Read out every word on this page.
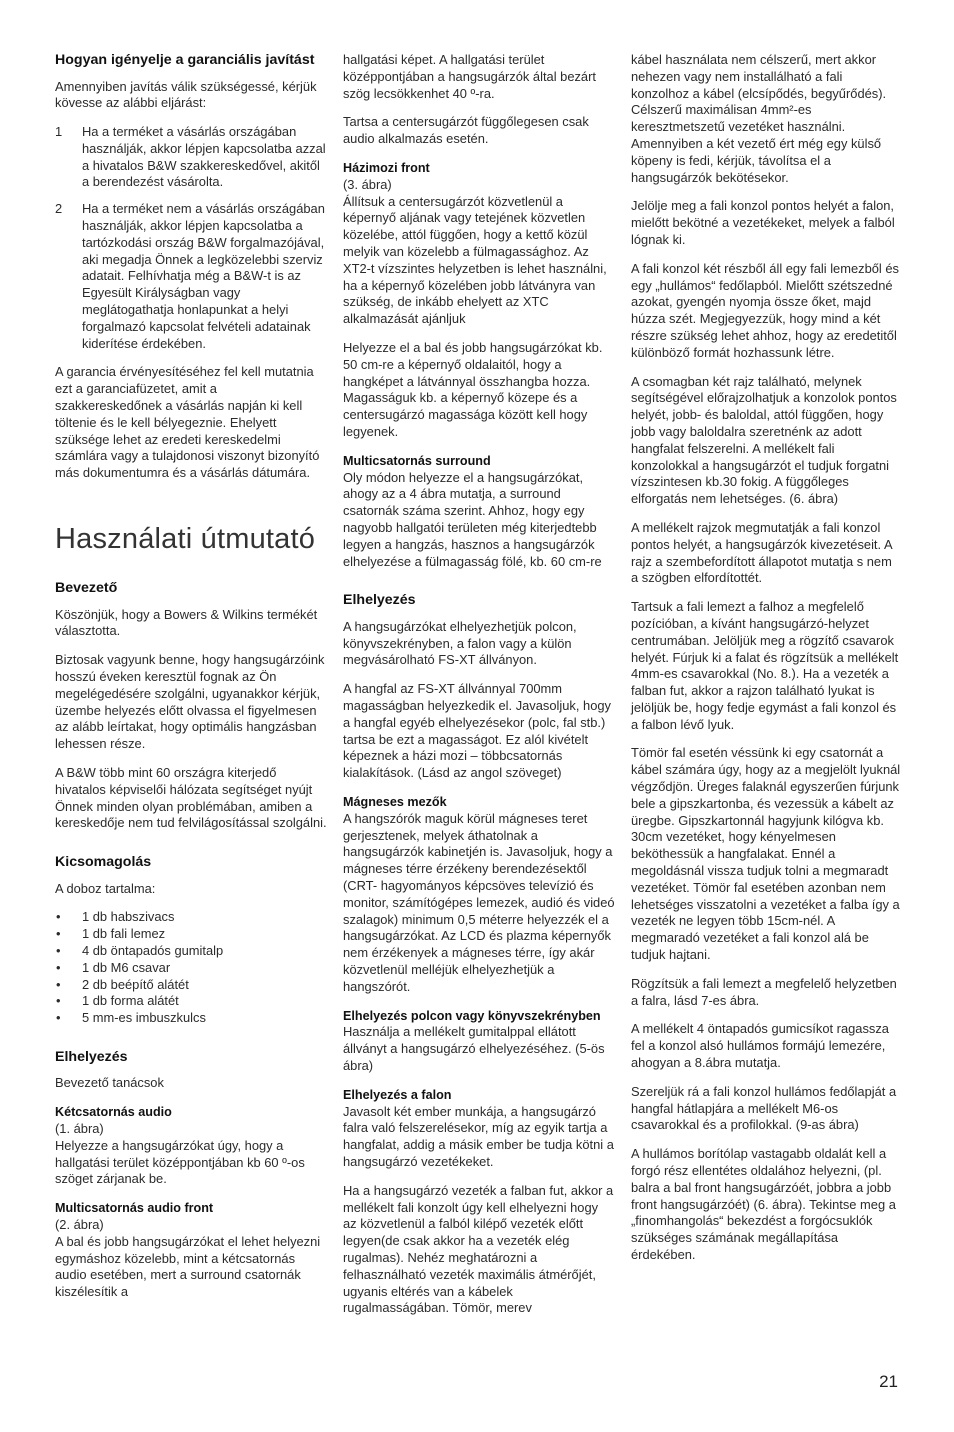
Hogyan igényelje a garanciális javítást

Amennyiben javítás válik szükségessé, kérjük kövesse az alábbi eljárást:

1 Ha a terméket a vásárlás országában használják, akkor lépjen kapcsolatba azzal a hivatalos B&W szakkereskedővel, akitől a berendezést vásárolta.
2 Ha a terméket nem a vásárlás országában használják, akkor lépjen kapcsolatba a tartózkodási ország B&W forgalmazójával, aki megadja Önnek a legközelebbi szerviz adatait. Felhívhatja még a B&W-t is az Egyesült Királyságban vagy meglátogathatja honlapunkat a helyi forgalmazó kapcsolat felvételi adatainak kiderítése érdekében.

A garancia érvényesítéséhez fel kell mutatnia ezt a garanciafüzetet, amit a szakkereskedőnek a vásárlás napján ki kell töltenie és le kell bélyegeznie. Ehelyett szüksége lehet az eredeti kereskedelmi számlára vagy a tulajdonosi viszonyt bizonyító más dokumentumra és a vásárlás dátumára.

Használati útmutató
Bevezető

Köszönjük, hogy a Bowers & Wilkins termékét választotta.

Biztosak vagyunk benne, hogy hangsugárzóink hosszú éveken keresztül fognak az Ön megelégedésére szolgálni, ugyanakkor kérjük, üzembe helyezés előtt olvassa el figyelmesen az alább leírtakat, hogy optimális hangzásban lehessen része.

A B&W több mint 60 országra kiterjedő hivatalos képviselői hálózata segítséget nyújt Önnek minden olyan problémában, amiben a kereskedője nem tud felvilágosítással szolgálni.

Kicsomagolás

A doboz tartalma:

• 1 db habszivacs
• 1 db fali lemez
• 4 db öntapadós gumitalp
• 1 db M6 csavar
• 2 db beépítő alátét
• 1 db forma alátét
• 5 mm-es imbuszkulcs
Elhelyezés

Bevezető tanácsok

Kétcsatornás audio

(1. ábra)

Helyezze a hangsugárzókat úgy, hogy a hallgatási terület középpontjában kb 60 º-os szöget zárjanak be.

Multicsatornás audio front

(2. ábra)

A bal és jobb hangsugárzókat el lehet helyezni egymáshoz közelebb, mint a kétcsatornás audio esetében, mert a surround csatornák kiszélesítik a

hallgatási képet. A hallgatási terület középpontjában a hangsugárzók által bezárt szög lecsökkenhet 40 º-ra.

Tartsa a centersugárzót függőlegesen csak audio alkalmazás esetén.

Házimozi front

(3. ábra)

Állítsuk a centersugárzót közvetlenül a képernyő aljának vagy tetejének közvetlen közelébe, attól függően, hogy a kettő közül melyik van közelebb a fülmagassághoz. Az XT2-t vízszintes helyzetben is lehet használni, ha a képernyő közelében jobb látványra van szükség, de inkább ehelyett az XTC alkalmazását ajánljuk

Helyezze el a bal és jobb hangsugárzókat kb. 50 cm-re a képernyő oldalaitól, hogy a hangképet a látvánnyal összhangba hozza. Magasságuk kb. a képernyő közepe és a centersugárzó magassága között kell hogy legyenek.

Multicsatornás surround

Oly módon helyezze el a hangsugárzókat, ahogy az a 4 ábra mutatja, a surround csatornák száma szerint. Ahhoz, hogy egy nagyobb hallgatói területen még kiterjedtebb legyen a hangzás, hasznos a hangsugárzók elhelyezése a fülmagasság fölé, kb. 60 cm-re

Elhelyezés

A hangsugárzókat elhelyezhetjük polcon, könyvszekrényben, a falon vagy a külön megvásárolható FS-XT állványon.

A hangfal az FS-XT állvánnyal 700mm magasságban helyezkedik el. Javasoljuk, hogy a hangfal egyéb elhelyezésekor (polc, fal stb.) tartsa be ezt a magasságot. Ez alól kivételt képeznek a házi mozi – többcsatornás kialakítások. (Lásd az angol szöveget)

Mágneses mezők

A hangszórók maguk körül mágneses teret gerjesztenek, melyek áthatolnak a hangsugárzók kabinetjén is. Javasoljuk, hogy a mágneses térre érzékeny berendezésektől (CRT- hagyományos képcsöves televízió és monitor, számítógépes lemezek, audió és videó szalagok) minimum 0,5 méterre helyezzék el a hangsugárzókat. Az LCD és plazma képernyők nem érzékenyek a mágneses térre, így akár közvetlenül melléjük elhelyezhetjük a hangszórót.

Elhelyezés polcon vagy könyvszekrényben

Használja a mellékelt gumitalppal ellátott állványt a hangsugárzó elhelyezéséhez. (5-ös ábra)

Elhelyezés a falon

Javasolt két ember munkája, a hangsugárzó falra való felszerelésekor, míg az egyik tartja a hangfalat, addig a másik ember be tudja kötni a hangsugárzó vezetékeket.

Ha a hangsugárzó vezeték a falban fut, akkor a mellékelt fali konzolt úgy kell elhelyezni hogy az közvetlenül a falból kilépő vezeték előtt legyen(de csak akkor ha a vezeték elég rugalmas). Nehéz meghatározni a felhasználható vezeték maximális átmérőjét, ugyanis eltérés van a kábelek rugalmasságában. Tömör, merev

kábel használata nem célszerű, mert akkor nehezen vagy nem installálható a fali konzolhoz a kábel (elcsípődés, begyűrődés). Célszerű maximálisan 4mm²-es keresztmetszetű vezetéket használni. Amennyiben a két vezető ért még egy külső köpeny is fedi, kérjük, távolítsa el a hangsugárzók bekötésekor.

Jelölje meg a fali konzol pontos helyét a falon, mielőtt bekötné a vezetékeket, melyek a falból lógnak ki.

A fali konzol két részből áll egy fali lemezből és egy „hullámos“ fedőlapból. Mielőtt szétszedné azokat, gyengén nyomja össze őket, majd húzza szét. Megjegyezzük, hogy mind a két részre szükség lehet ahhoz, hogy az eredetitől különböző formát hozhassunk létre.

A csomagban két rajz található, melynek segítségével előrajzolhatjuk a konzolok pontos helyét, jobb- és baloldal, attól függően, hogy jobb vagy baloldalra szeretnénk az adott hangfalat felszerelni. A mellékelt fali konzolokkal a hangsugárzót el tudjuk forgatni vízszintesen kb.30 fokig. A függőleges elforgatás nem lehetséges. (6. ábra)

A mellékelt rajzok megmutatják a fali konzol pontos helyét, a hangsugárzók kivezetéseit. A rajz a szembefordított állapotot mutatja s nem a szögben elfordítottét.

Tartsuk a fali lemezt a falhoz a megfelelő pozícióban, a kívánt hangsugárzó-helyzet centrumában. Jelöljük meg a rögzítő csavarok helyét. Fúrjuk ki a falat és rögzítsük a mellékelt 4mm-es csavarokkal (No. 8.). Ha a vezeték a falban fut, akkor a rajzon található lyukat is jelöljük be, hogy fedje egymást a fali konzol és a falbon lévő lyuk.

Tömör fal esetén véssünk ki egy csatornát a kábel számára úgy, hogy az a megjelölt lyuknál végződjön. Üreges falaknál egyszerűen fúrjunk bele a gipszkartonba, és vezessük a kábelt az üregbe. Gipszkartonnál hagyjunk kilógva kb. 30cm vezetéket, hogy kényelmesen beköthessük a hangfalakat. Ennél a megoldásnál vissza tudjuk tolni a megmaradt vezetéket. Tömör fal esetében azonban nem lehetséges visszatolni a vezetéket a falba így a vezeték ne legyen több 15cm-nél. A megmaradó vezetéket a fali konzol alá be tudjuk hajtani.

Rögzítsük a fali lemezt a megfelelő helyzetben a falra, lásd 7-es ábra.

A mellékelt 4 öntapadós gumicsíkot ragassza fel a konzol alsó hullámos formájú lemezére, ahogyan a 8.ábra mutatja.

Szereljük rá a fali konzol hullámos fedőlapját a hangfal hátlapjára a mellékelt M6-os csavarokkal és a profilokkal. (9-as ábra)

A hullámos borítólap vastagabb oldalát kell a forgó rész ellentétes oldalához helyezni, (pl. balra a bal front hangsugárzóét, jobbra a jobb front hangsugárzóét) (6. ábra). Tekintse meg a „finomhangolás“ bekezdést a forgócsuklók szükséges számának megállapítása érdekében.

21
